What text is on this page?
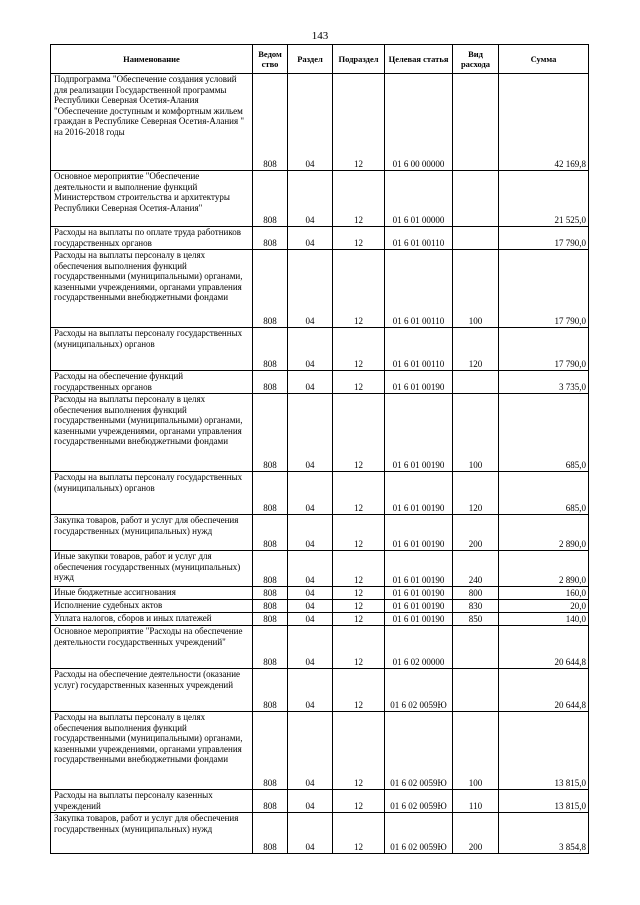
143
Наименование	Ведом ство	Раздел	Подраздел	Целевая статья	Вид расхода	Сумма
Подпрограмма "Обеспечение создания условий для реализации Государственной программы Республики Северная Осетия-Алания "Обеспечение доступным и комфортным жильем граждан в Республике Северная Осетия-Алания " на 2016-2018 годы	808	04	12	01 6 00 00000		42 169,8
Основное мероприятие "Обеспечение деятельности и выполнение функций Министерством строительства и архитектуры Республики Северная Осетия-Алания"	808	04	12	01 6 01 00000		21 525,0
Расходы на выплаты по оплате труда работников государственных органов	808	04	12	01 6 01 00110		17 790,0
Расходы на выплаты персоналу в целях обеспечения выполнения функций государственными (муниципальными) органами, казенными учреждениями, органами управления государственными внебюджетными фондами	808	04	12	01 6 01 00110	100	17 790,0
Расходы на выплаты персоналу государственных (муниципальных) органов	808	04	12	01 6 01 00110	120	17 790,0
Расходы на обеспечение функций государственных органов	808	04	12	01 6 01 00190		3 735,0
Расходы на выплаты персоналу в целях обеспечения выполнения функций государственными (муниципальными) органами, казенными учреждениями, органами управления государственными внебюджетными фондами	808	04	12	01 6 01 00190	100	685,0
Расходы на выплаты персоналу государственных (муниципальных) органов	808	04	12	01 6 01 00190	120	685,0
Закупка товаров, работ и услуг для обеспечения государственных (муниципальных) нужд	808	04	12	01 6 01 00190	200	2 890,0
Иные закупки товаров, работ и услуг для обеспечения государственных (муниципальных) нужд	808	04	12	01 6 01 00190	240	2 890,0
Иные бюджетные ассигнования	808	04	12	01 6 01 00190	800	160,0
Исполнение судебных актов	808	04	12	01 6 01 00190	830	20,0
Уплата налогов, сборов и иных платежей	808	04	12	01 6 01 00190	850	140,0
Основное мероприятие "Расходы на обеспечение деятельности государственных учреждений"	808	04	12	01 6 02 00000		20 644,8
Расходы на обеспечение деятельности (оказание услуг) государственных казенных учреждений	808	04	12	01 6 02 0059Ю		20 644,8
Расходы на выплаты персоналу в целях обеспечения выполнения функций государственными (муниципальными) органами, казенными учреждениями, органами управления государственными внебюджетными фондами	808	04	12	01 6 02 0059Ю	100	13 815,0
Расходы на выплаты персоналу казенных учреждений	808	04	12	01 6 02 0059Ю	110	13 815,0
Закупка товаров, работ и услуг для обеспечения государственных (муниципальных) нужд	808	04	12	01 6 02 0059Ю	200	3 854,8
